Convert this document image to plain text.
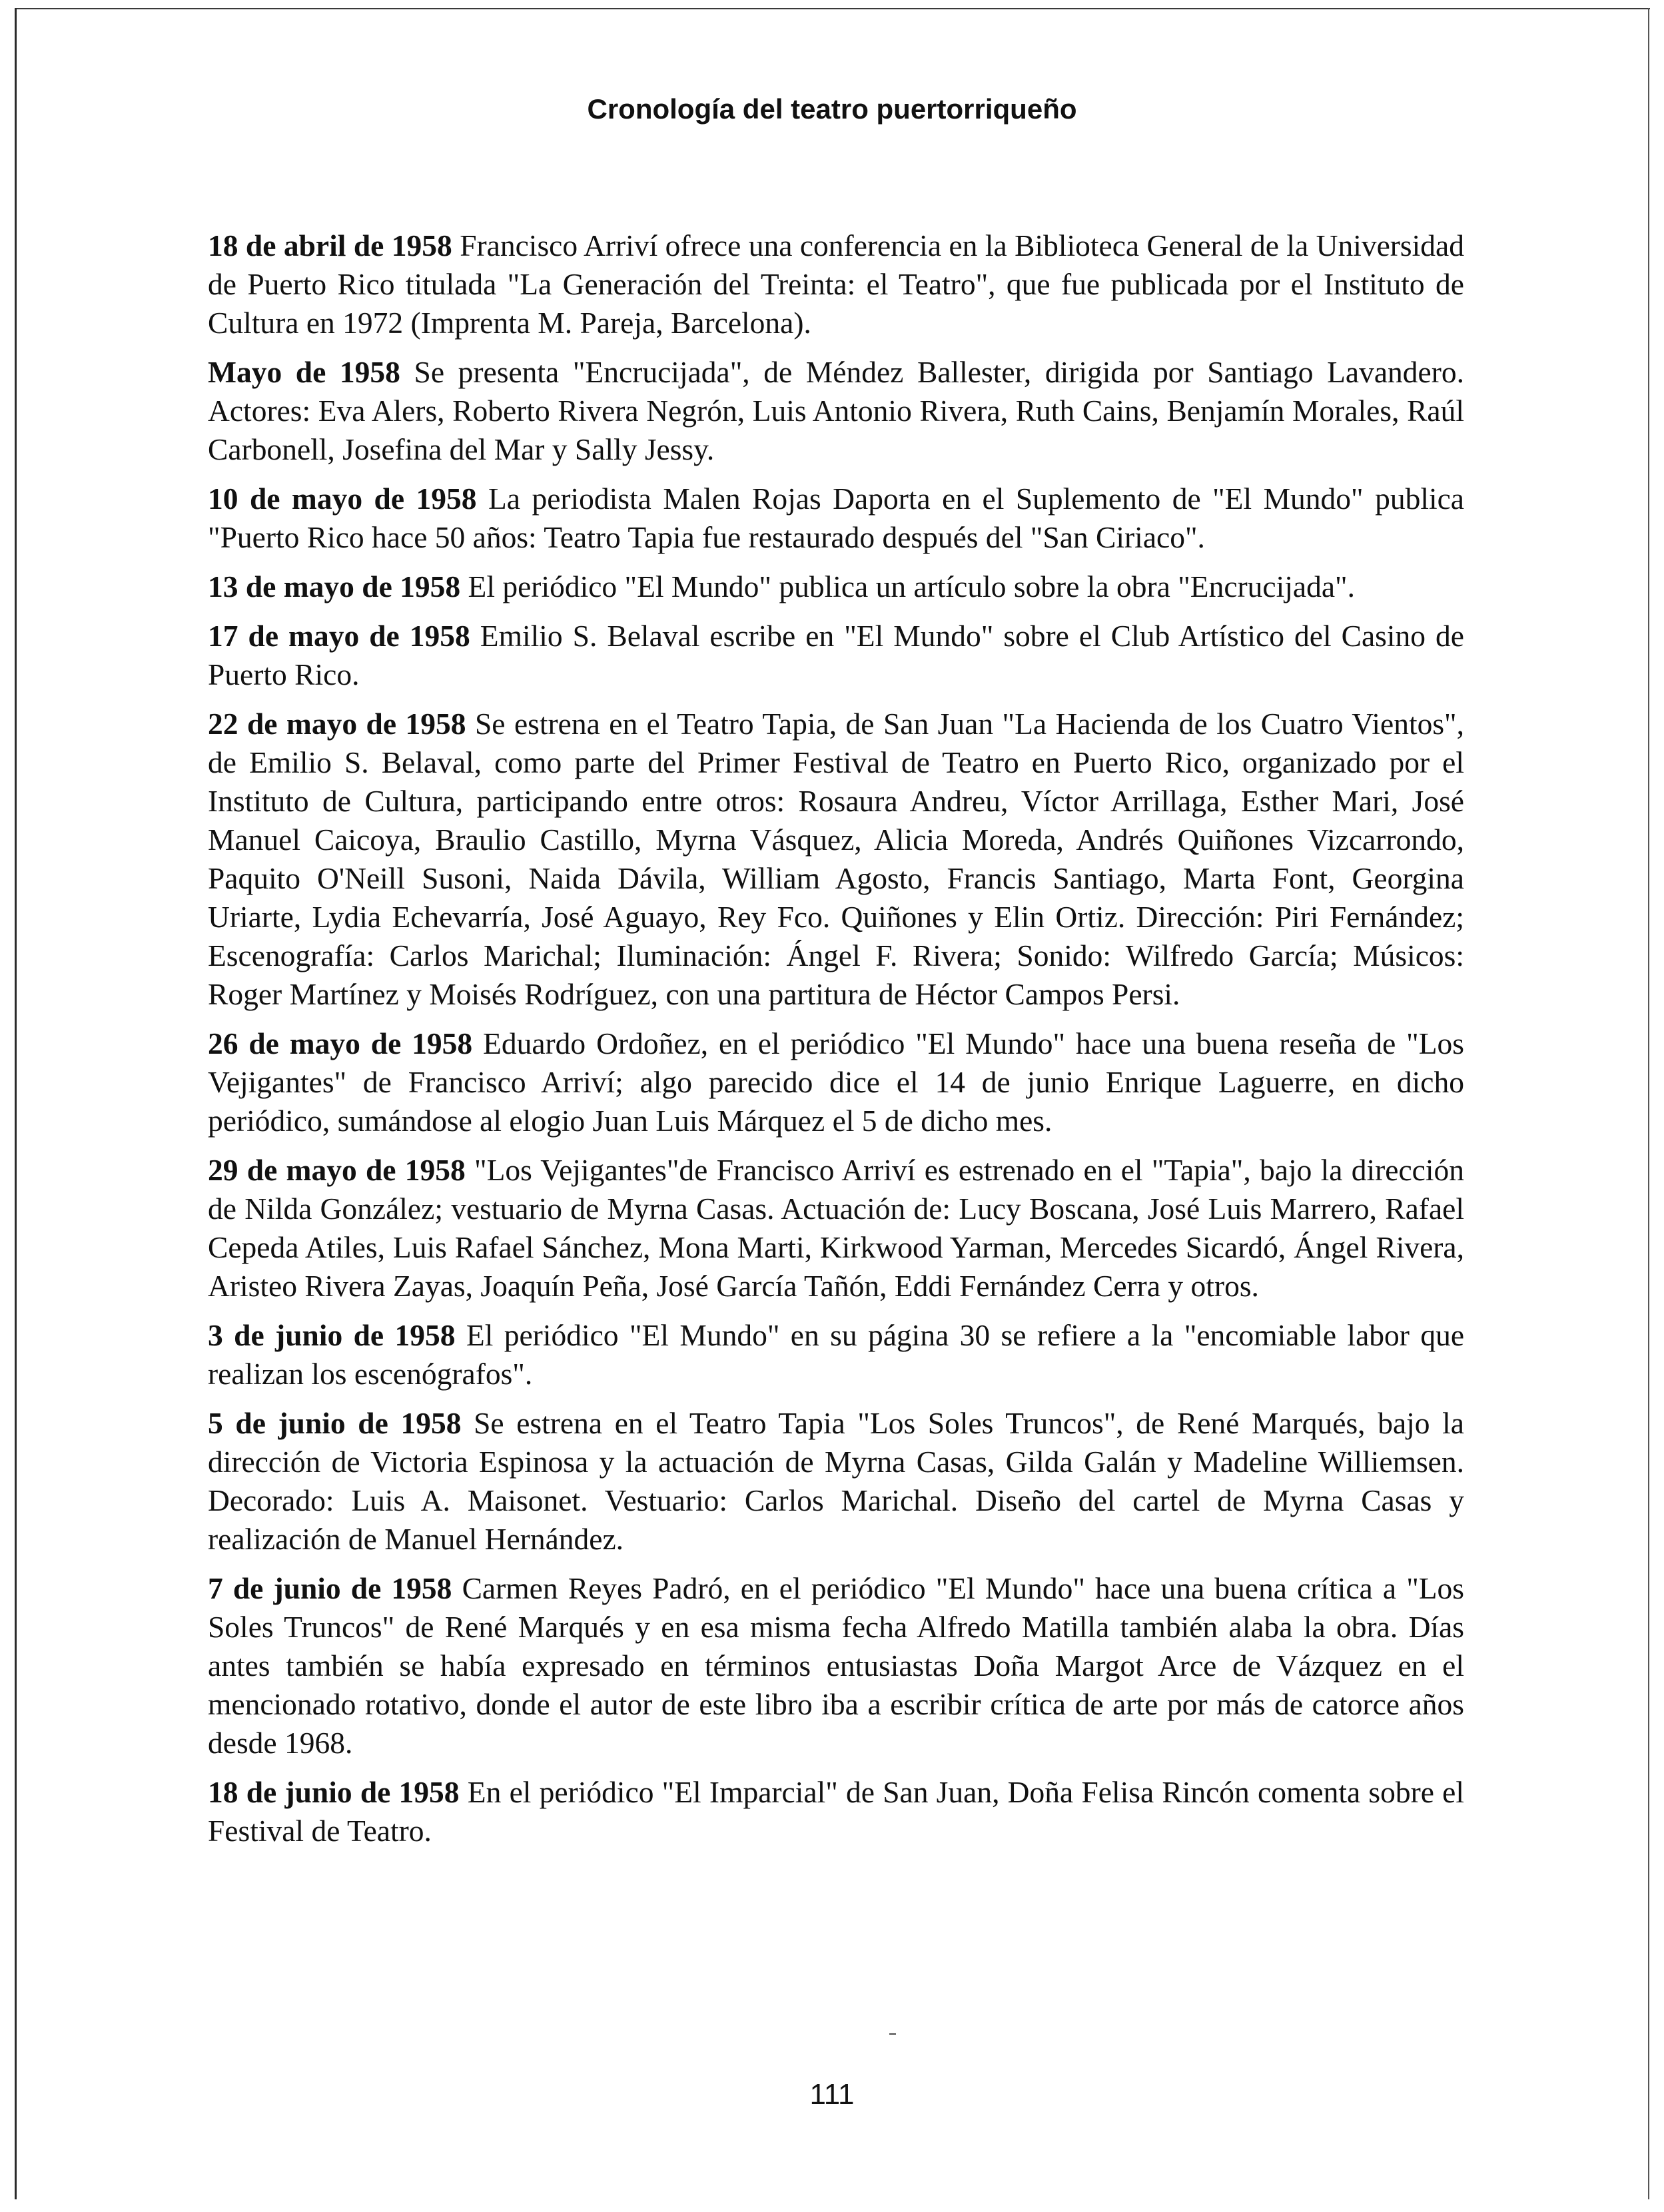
Cronología del teatro puertorriqueño

18 de abril de 1958 Francisco Arriví ofrece una conferencia en la Biblioteca General de la Universidad de Puerto Rico titulada "La Generación del Treinta: el Teatro", que fue publicada por el Instituto de Cultura en 1972 (Imprenta M. Pareja, Barcelona).

Mayo de 1958 Se presenta "Encrucijada", de Méndez Ballester, dirigida por Santiago Lavandero. Actores: Eva Alers, Roberto Rivera Negrón, Luis Antonio Rivera, Ruth Cains, Benjamín Morales, Raúl Carbonell, Josefina del Mar y Sally Jessy.

10 de mayo de 1958 La periodista Malen Rojas Daporta en el Suplemento de "El Mundo" publica "Puerto Rico hace 50 años: Teatro Tapia fue restaurado después del "San Ciriaco".

13 de mayo de 1958 El periódico "El Mundo" publica un artículo sobre la obra "Encrucijada".

17 de mayo de 1958 Emilio S. Belaval escribe en "El Mundo" sobre el Club Artístico del Casino de Puerto Rico.

22 de mayo de 1958 Se estrena en el Teatro Tapia, de San Juan "La Hacienda de los Cuatro Vientos", de Emilio S. Belaval, como parte del Primer Festival de Teatro en Puerto Rico, organizado por el Instituto de Cultura, participando entre otros: Rosaura Andreu, Víctor Arrillaga, Esther Mari, José Manuel Caicoya, Braulio Castillo, Myrna Vásquez, Alicia Moreda, Andrés Quiñones Vizcarrondo, Paquito O'Neill Susoni, Naida Dávila, William Agosto, Francis Santiago, Marta Font, Georgina Uriarte, Lydia Echevarría, José Aguayo, Rey Fco. Quiñones y Elin Ortiz. Dirección: Piri Fernández; Escenografía: Carlos Marichal; Iluminación: Ángel F. Rivera; Sonido: Wilfredo García; Músicos: Roger Martínez y Moisés Rodríguez, con una partitura de Héctor Campos Persi.

26 de mayo de 1958 Eduardo Ordoñez, en el periódico "El Mundo" hace una buena reseña de "Los Vejigantes" de Francisco Arriví; algo parecido dice el 14 de junio Enrique Laguerre, en dicho periódico, sumándose al elogio Juan Luis Márquez el 5 de dicho mes.

29 de mayo de 1958 "Los Vejigantes"de Francisco Arriví es estrenado en el "Tapia", bajo la dirección de Nilda González; vestuario de Myrna Casas. Actuación de: Lucy Boscana, José Luis Marrero, Rafael Cepeda Atiles, Luis Rafael Sánchez, Mona Marti, Kirkwood Yarman, Mercedes Sicardó, Ángel Rivera, Aristeo Rivera Zayas, Joaquín Peña, José García Tañón, Eddi Fernández Cerra y otros.

3 de junio de 1958 El periódico "El Mundo" en su página 30 se refiere a la "encomiable labor que realizan los escenógrafos".

5 de junio de 1958 Se estrena en el Teatro Tapia "Los Soles Truncos", de René Marqués, bajo la dirección de Victoria Espinosa y la actuación de Myrna Casas, Gilda Galán y Madeline Williemsen. Decorado: Luis A. Maisonet. Vestuario: Carlos Marichal. Diseño del cartel de Myrna Casas y realización de Manuel Hernández.

7 de junio de 1958 Carmen Reyes Padró, en el periódico "El Mundo" hace una buena crítica a "Los Soles Truncos" de René Marqués y en esa misma fecha Alfredo Matilla también alaba la obra. Días antes también se había expresado en términos entusiastas Doña Margot Arce de Vázquez en el mencionado rotativo, donde el autor de este libro iba a escribir crítica de arte por más de catorce años desde 1968.

18 de junio de 1958 En el periódico "El Imparcial" de San Juan, Doña Felisa Rincón comenta sobre el Festival de Teatro.

111
